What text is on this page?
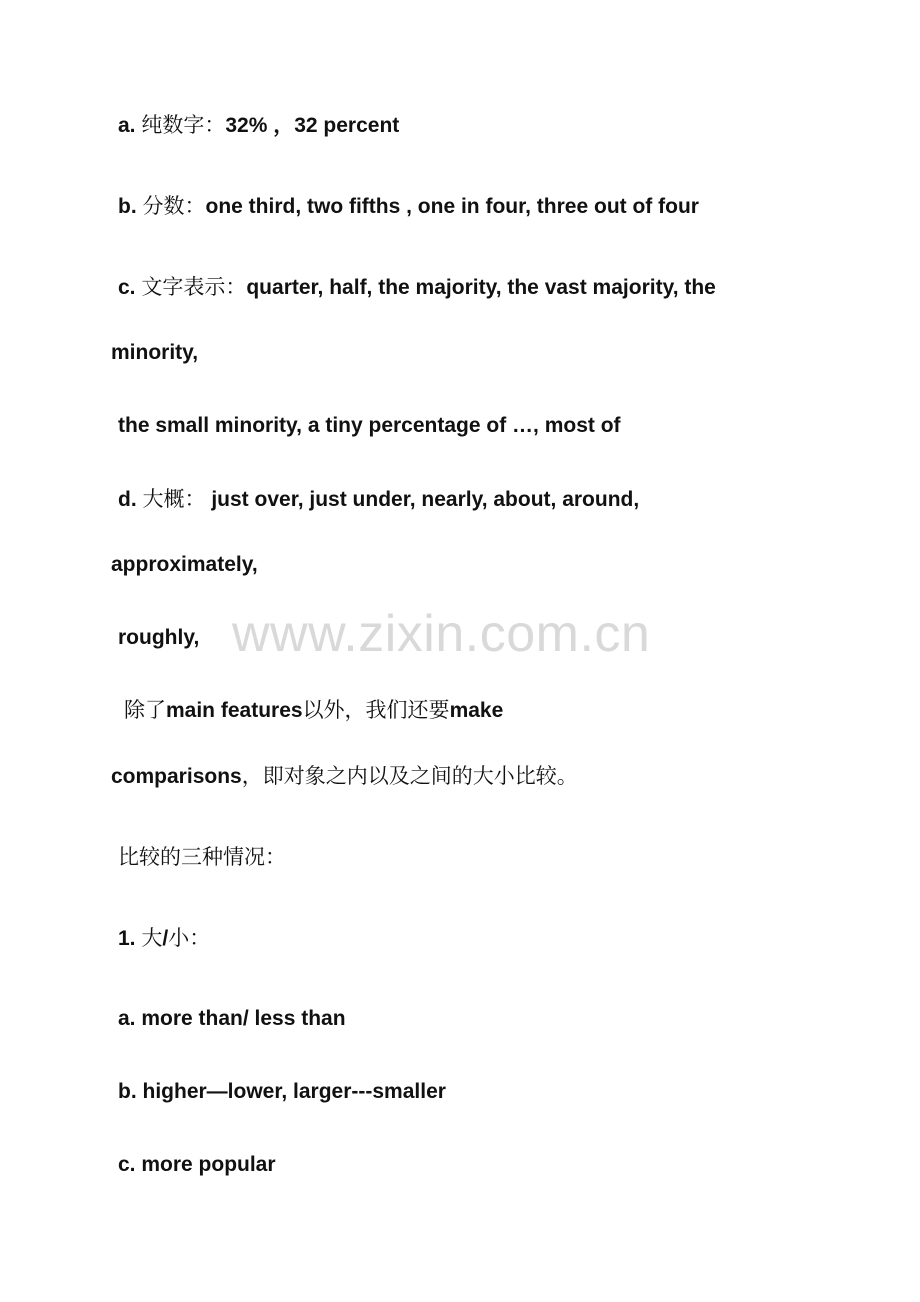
www.zixin.com.cn
a. 纯数字：32% ，32 percent
b. 分数：one third, two fifths , one in four, three out of four
c. 文字表示：quarter, half, the majority, the vast majority, the
minority,
the small minority, a tiny percentage of …, most of
d. 大概： just over, just under, nearly, about, around,
approximately,
roughly,
除了main features以外，我们还要make
comparisons，即对象之内以及之间的大小比较。
比较的三种情况：
1. 大/小：
a. more than/ less than
b. higher—lower, larger---smaller
c. more popular
